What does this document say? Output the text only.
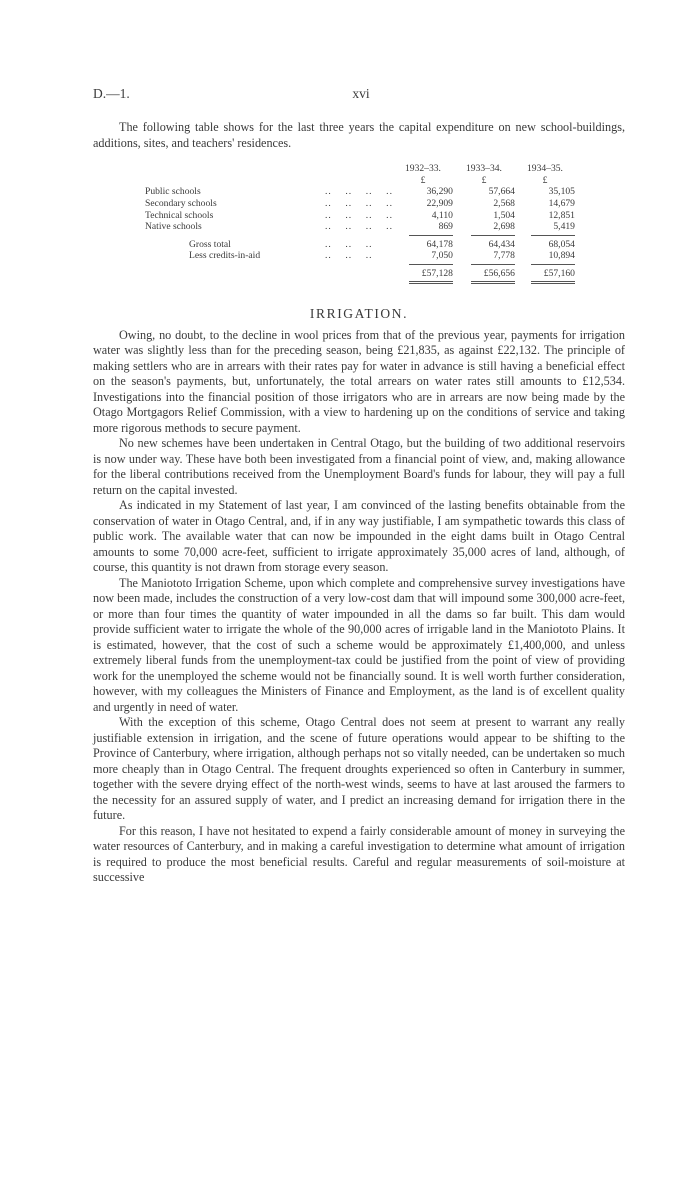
D.—1.	xvi

The following table shows for the last three years the capital expenditure on new school-buildings, additions, sites, and teachers' residences.

		1932–33.	1933–34.	1934–35.
		£	£	£
Public schools	..    ..    ..    ..	36,290	57,664	35,105
Secondary schools	..    ..    ..    ..	22,909	2,568	14,679
Technical schools	..    ..    ..    ..	4,110	1,504	12,851
Native schools	..    ..    ..    ..	869	2,698	5,419

Gross total	..    ..    ..	64,178	64,434	68,054
Less credits-in-aid	..    ..    ..	7,050	7,778	10,894

		£57,128	£56,656	£57,160

IRRIGATION.

Owing, no doubt, to the decline in wool prices from that of the previous year, payments for irrigation water was slightly less than for the preceding season, being £21,835, as against £22,132. The principle of making settlers who are in arrears with their rates pay for water in advance is still having a beneficial effect on the season's payments, but, unfortunately, the total arrears on water rates still amounts to £12,534. Investigations into the financial position of those irrigators who are in arrears are now being made by the Otago Mortgagors Relief Commission, with a view to hardening up on the conditions of service and taking more rigorous methods to secure payment.

No new schemes have been undertaken in Central Otago, but the building of two additional reservoirs is now under way. These have both been investigated from a financial point of view, and, making allowance for the liberal contributions received from the Unemployment Board's funds for labour, they will pay a full return on the capital invested.

As indicated in my Statement of last year, I am convinced of the lasting benefits obtainable from the conservation of water in Otago Central, and, if in any way justifiable, I am sympathetic towards this class of public work. The available water that can now be impounded in the eight dams built in Otago Central amounts to some 70,000 acre-feet, sufficient to irrigate approximately 35,000 acres of land, although, of course, this quantity is not drawn from storage every season.

The Maniototo Irrigation Scheme, upon which complete and comprehensive survey investigations have now been made, includes the construction of a very low-cost dam that will impound some 300,000 acre-feet, or more than four times the quantity of water impounded in all the dams so far built. This dam would provide sufficient water to irrigate the whole of the 90,000 acres of irrigable land in the Maniototo Plains. It is estimated, however, that the cost of such a scheme would be approximately £1,400,000, and unless extremely liberal funds from the unemployment-tax could be justified from the point of view of providing work for the unemployed the scheme would not be financially sound. It is well worth further consideration, however, with my colleagues the Ministers of Finance and Employment, as the land is of excellent quality and urgently in need of water.

With the exception of this scheme, Otago Central does not seem at present to warrant any really justifiable extension in irrigation, and the scene of future operations would appear to be shifting to the Province of Canterbury, where irrigation, although perhaps not so vitally needed, can be undertaken so much more cheaply than in Otago Central. The frequent droughts experienced so often in Canterbury in summer, together with the severe drying effect of the north-west winds, seems to have at last aroused the farmers to the necessity for an assured supply of water, and I predict an increasing demand for irrigation there in the future.

For this reason, I have not hesitated to expend a fairly considerable amount of money in surveying the water resources of Canterbury, and in making a careful investigation to determine what amount of irrigation is required to produce the most beneficial results. Careful and regular measurements of soil-moisture at successive
